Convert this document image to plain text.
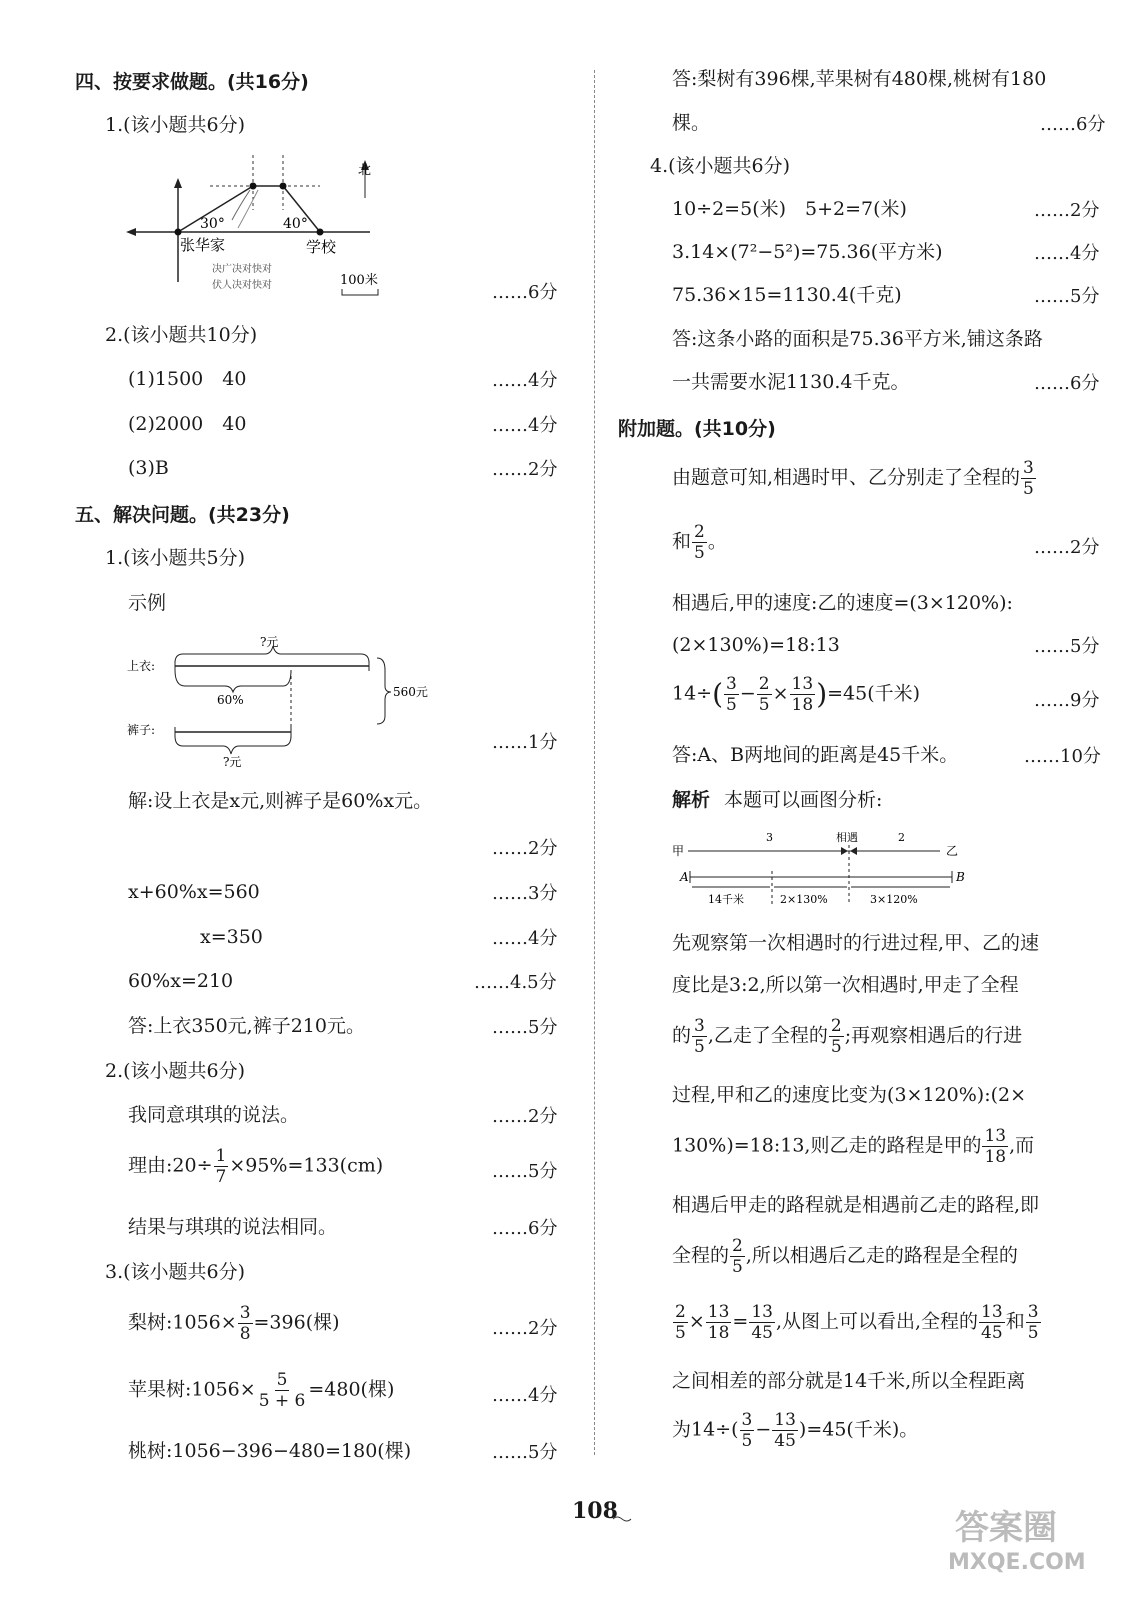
四、按要求做题。(共16分)
1.(该小题共6分)
北
30°	40°
张华家	学校
决广决对快对
伏人决对快对	100米
……6分
2.(该小题共10分)
(1)1500　40	……4分
(2)2000　40	……4分
(3)B	……2分
五、解决问题。(共23分)
1.(该小题共5分)
示例
?元
上衣:
60%
560元
裤子:
?元
……1分
解:设上衣是x元,则裤子是60%x元。
……2分
x+60%x=560	……3分
x=350	……4分
60%x=210	……4.5分
答:上衣350元,裤子210元。	……5分
2.(该小题共6分)
我同意琪琪的说法。	……2分
理由:20÷ $\frac{1}{7} \times 95\%=133(cm)$	……5分
结果与琪琪的说法相同。	……6分
3.(该小题共6分)
梨树:1056× $\frac{3}{8} =396$(棵)	……2分
苹果树:1056× $\frac{5}{5 + 6} =480$(棵)	……4分
桃树:1056−396−480=180(棵)	……5分
答:梨树有396棵,苹果树有480棵,桃树有180
棵。	……6分
4.(该小题共6分)
10÷2=5(米)　5+2=7(米)	……2分
3.14×(7²−5²)=75.36(平方米)	……4分
75.36×15=1130.4(千克)	……5分
答:这条小路的面积是75.36平方米,铺这条路
一共需要水泥1130.4千克。	……6分
附加题。(共10分)
由题意可知,相遇时甲、乙分别走了全程的 $\frac{3}{5}$
和 $\frac{2}{5}$ 。	……2分
相遇后,甲的速度:乙的速度=(3×120%):
(2×130%)=18:13	……5分
$14\div( \frac{3}{5} - \frac{2}{5} \times \frac{13}{18} )=45$(千米)	……9分
答:A、B两地间的距离是45千米。	……10分
解析 本题可以画图分析:
甲	乙
3	相遇	2
A	B
14千米	2×130%	3×120%
先观察第一次相遇时的行进过程,甲、乙的速
度比是3:2,所以第一次相遇时,甲走了全程
的 $\frac{3}{5}$ ,乙走了全程的 $\frac{2}{5}$ ;再观察相遇后的行进
过程,甲和乙的速度比变为(3×120%):(2×
130%)=18:13,则乙走的路程是甲的 $\frac{13}{18}$ ,而
相遇后甲走的路程就是相遇前乙走的路程,即
全程的 $\frac{2}{5}$ ,所以相遇后乙走的路程是全程的
$\frac{2}{5} \times \frac{13}{18} = \frac{13}{45}$ ,从图上可以看出,全程的 $\frac{13}{45}$ 和 $\frac{3}{5}$
之间相差的部分就是14千米,所以全程距离
为$14\div( \frac{3}{5} - \frac{13}{45} )=45$(千米)。
108	答案圈
MXQE.COM
